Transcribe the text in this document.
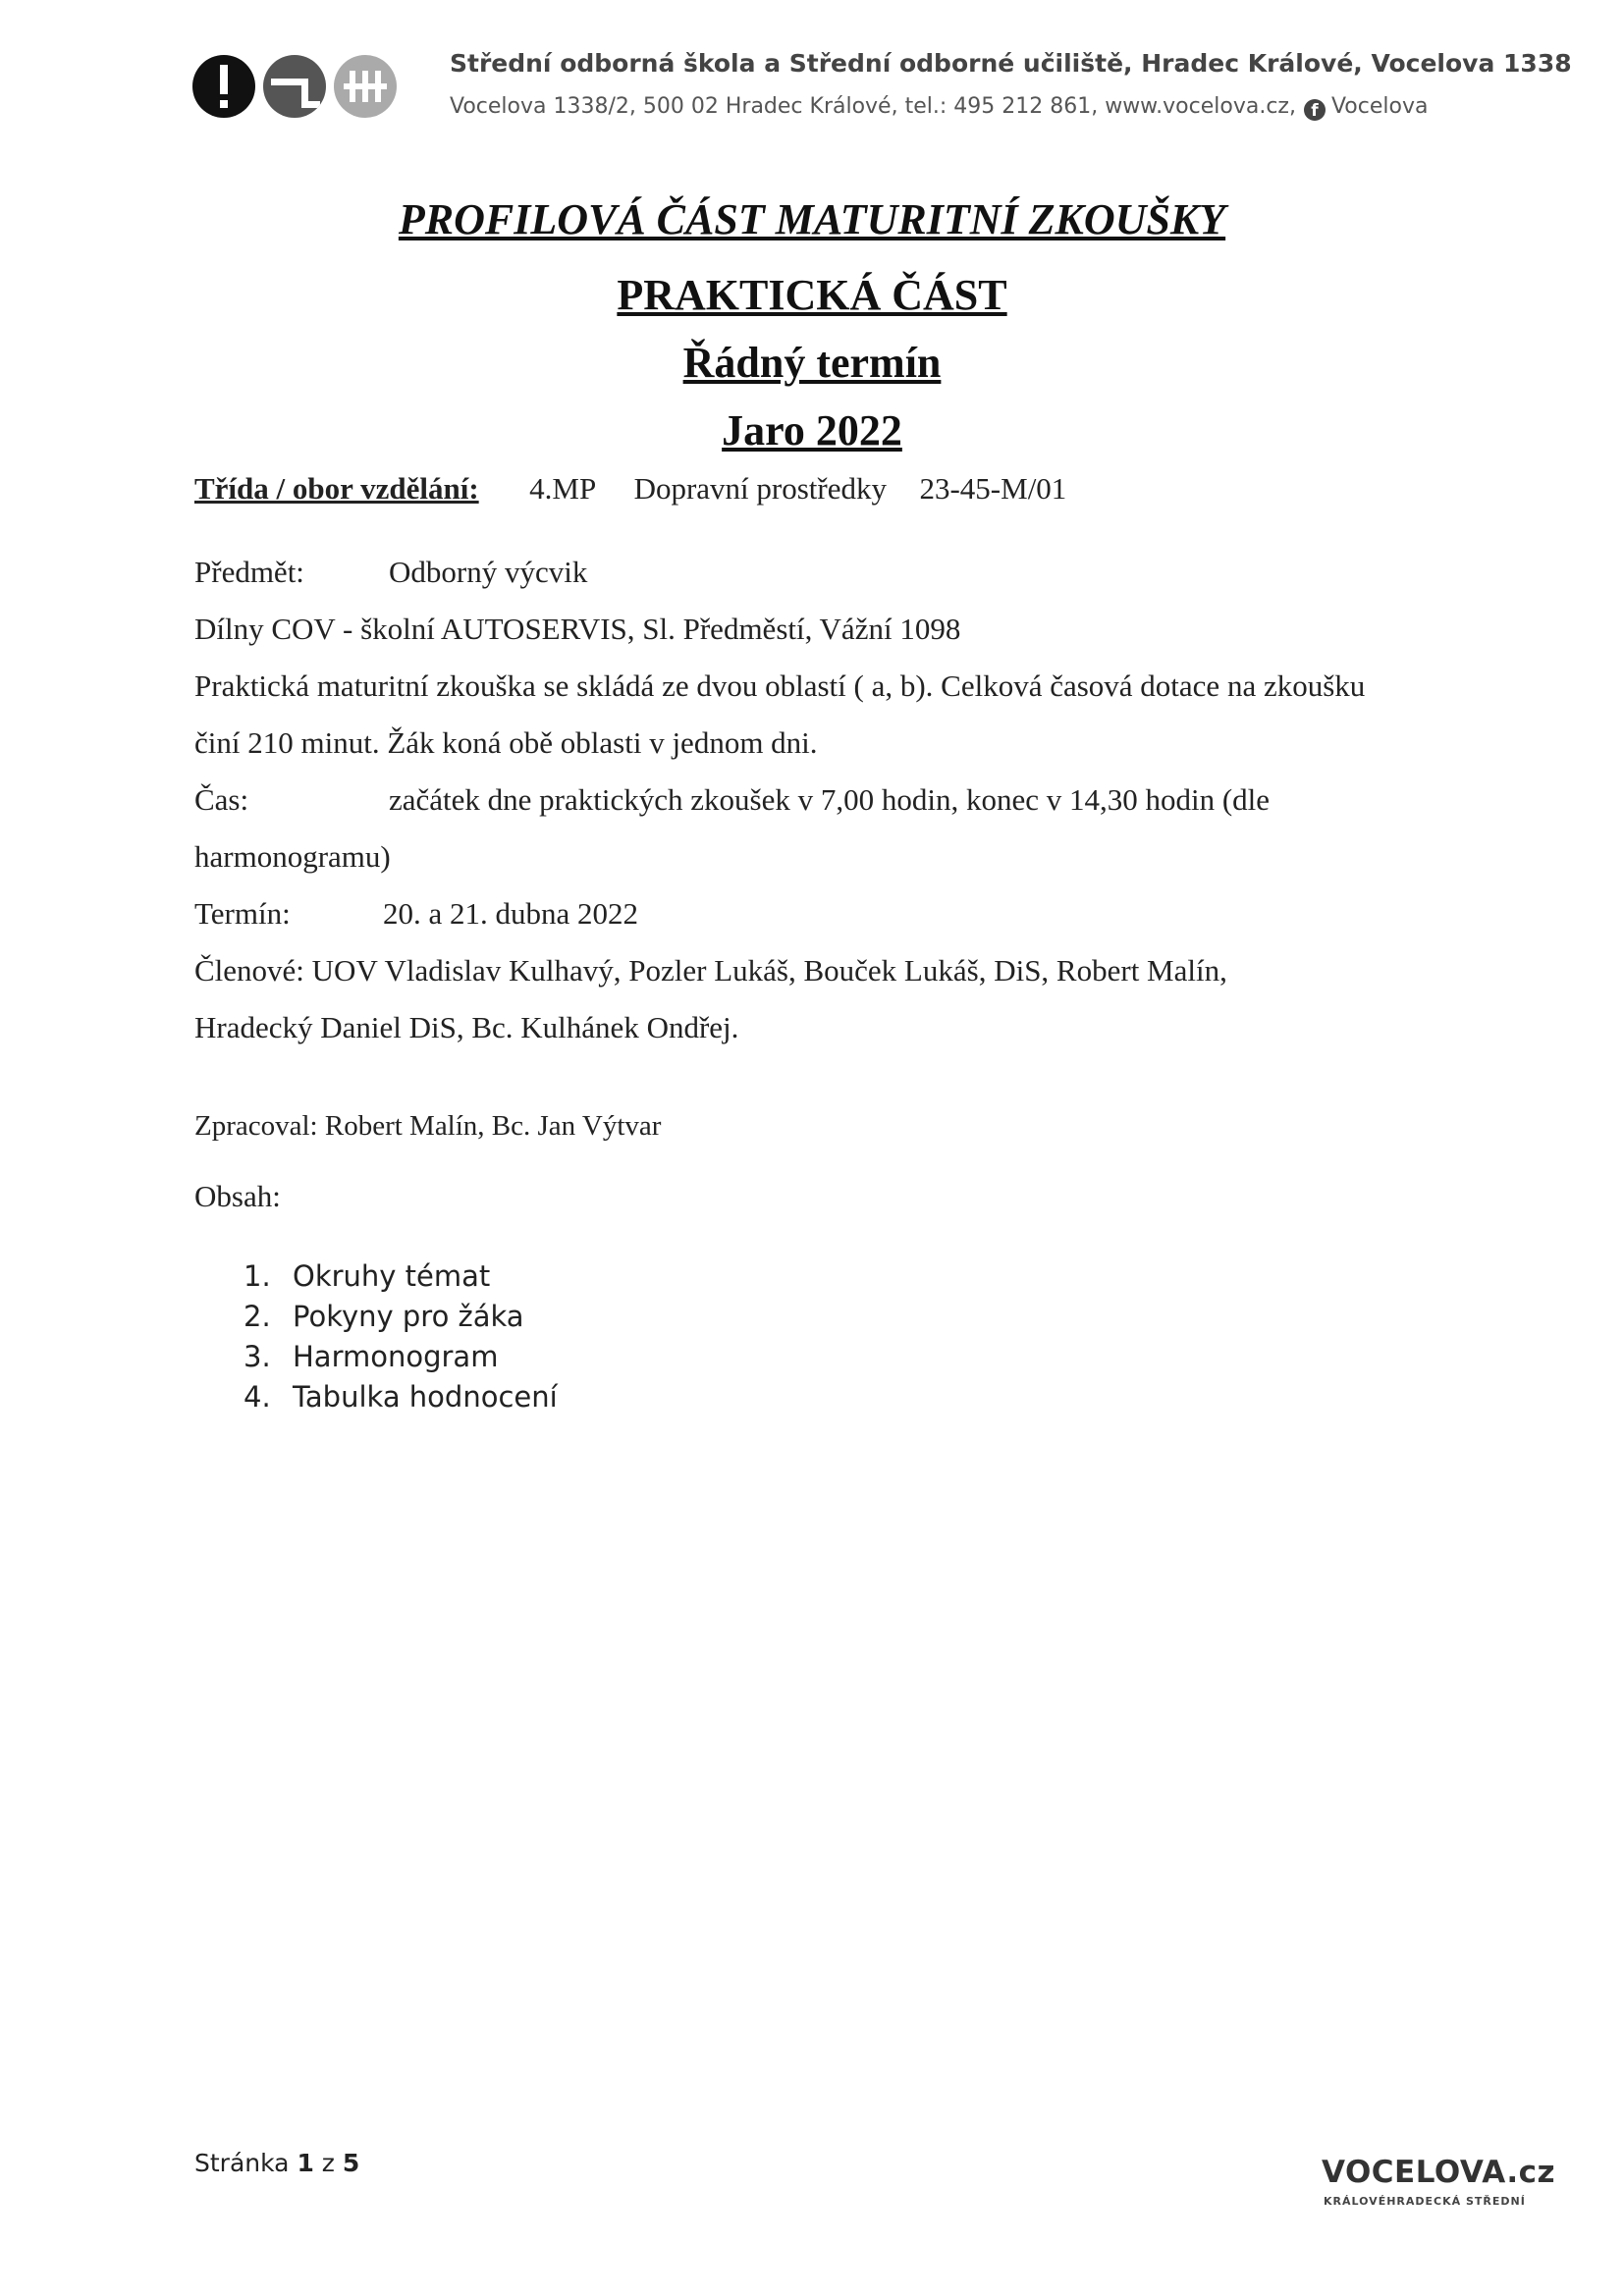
Střední odborná škola a Střední odborné učiliště, Hradec Králové, Vocelova 1338
Vocelova 1338/2, 500 02 Hradec Králové, tel.: 495 212 861, www.vocelova.cz, f Vocelova
PROFILOVÁ ČÁST MATURITNÍ ZKOUŠKY
PRAKTICKÁ ČÁST
Řádný termín
Jaro 2022
Třída / obor vzdělání: 4.MP Dopravní prostředky 23-45-M/01
Předmět:	Odborný výcvik
Dílny COV - školní AUTOSERVIS, Sl. Předměstí, Vážní 1098
Praktická maturitní zkouška se skládá ze dvou oblastí ( a, b). Celková časová dotace na zkoušku
činí 210 minut. Žák koná obě oblasti v jednom dni.
Čas:	začátek dne praktických zkoušek v 7,00 hodin, konec v 14,30 hodin (dle
harmonogramu)
Termín:	20. a 21. dubna 2022
Členové: UOV Vladislav Kulhavý, Pozler Lukáš, Bouček Lukáš, DiS, Robert Malín,
Hradecký Daniel DiS, Bc. Kulhánek Ondřej.
Zpracoval: Robert Malín, Bc. Jan Výtvar
Obsah:
1. Okruhy témat
2. Pokyny pro žáka
3. Harmonogram
4. Tabulka hodnocení
Stránka 1 z 5	VOCELOVA.cz
KRÁLOVÉHRADECKÁ STŘEDNÍ
